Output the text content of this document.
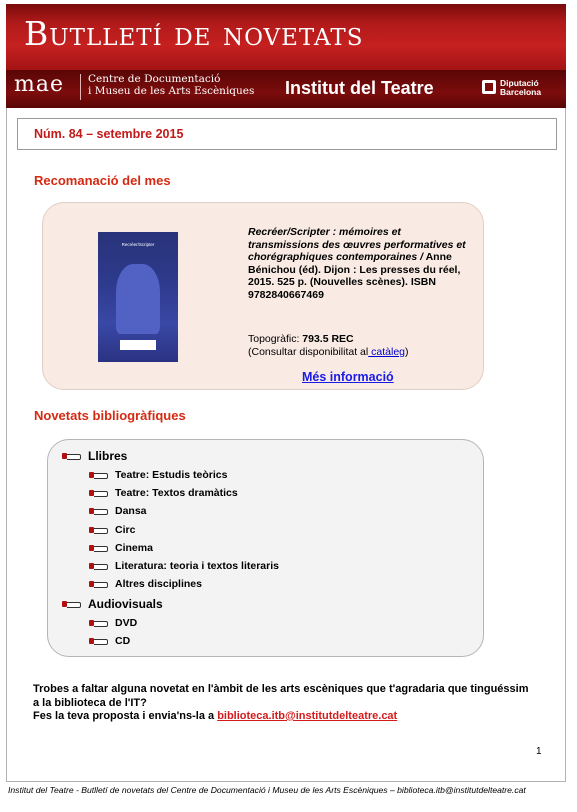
Butlletí de novetats
mae Centre de Documentació
i Museu de les Arts Escèniques Institut del Teatre	Diputació
Barcelona
Núm. 84 – setembre 2015
Recomanació del mes
Recréer/Scripter
Recréer/Scripter : mémoires et transmissions des œuvres performatives et chorégraphiques contemporaines / Anne Bénichou (éd). Dijon : Les presses du réel, 2015. 525 p. (Nouvelles scènes). ISBN 9782840667469
Topogràfic: 793.5 REC
(Consultar disponibilitat al catàleg)
Més informació
Novetats bibliogràfiques
Llibres
Teatre: Estudis teòrics
Teatre: Textos dramàtics
Dansa
Circ
Cinema
Literatura: teoria i textos literaris
Altres disciplines
Audiovisuals
DVD
CD
Trobes a faltar alguna novetat en l'àmbit de les arts escèniques que t'agradaria que tinguéssim a la biblioteca de l'IT?
Fes la teva proposta i envia'ns-la a biblioteca.itb@institutdelteatre.cat
1
Institut del Teatre - Butlletí de novetats del Centre de Documentació i Museu de les Arts Escèniques – biblioteca.itb@institutdelteatre.cat
